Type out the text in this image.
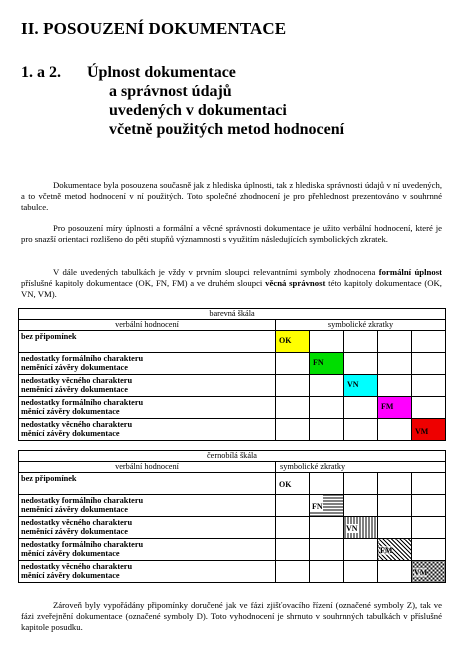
II. POSOUZENÍ DOKUMENTACE
1. a 2.	Úplnost dokumentace
a správnost údajů
uvedených v dokumentaci
včetně použitých metod hodnocení
Dokumentace byla posouzena současně jak z hlediska úplnosti, tak z hlediska správnosti údajů v ní uvedených, a to včetně metod hodnocení v ní použitých. Toto společné zhodnocení je pro přehlednost prezentováno v souhrnné tabulce.
Pro posouzení míry úplnosti a formální a věcné správnosti dokumentace je užito verbální hodnocení, které je pro snazší orientaci rozlišeno do pěti stupňů významnosti s využitím následujících symbolických zkratek.
V dále uvedených tabulkách je vždy v prvním sloupci relevantními symboly zhodnocena formální úplnost příslušné kapitoly dokumentace (OK, FN, FM) a ve druhém sloupci věcná správnost této kapitoly dokumentace (OK, VN, VM).
barevná škála					
verbální hodnocení	symbolické zkratky				
bez připomínek	OK				

nedostatky formálního charakteru
neměnící závěry dokumentace		FN			

nedostatky věcného charakteru
neměnící závěry dokumentace			VN		

nedostatky formálního charakteru
měnící závěry dokumentace				FM	

nedostatky věcného charakteru
měnící závěry dokumentace					VM
černobílá škála					
verbální hodnocení	symbolické zkratky				
bez připomínek	OK				

nedostatky formálního charakteru
neměnící závěry dokumentace		FN			
nedostatky věcného charakteru
neměnící závěry dokumentace			VN		
nedostatky formálního charakteru
měnící závěry dokumentace				FM	
nedostatky věcného charakteru
měnící závěry dokumentace					VM
Zároveň byly vypořádány připomínky doručené jak ve fázi zjišťovacího řízení (označené symboly Z), tak ve fázi zveřejnění dokumentace (označené symboly D). Toto vyhodnocení je shrnuto v souhrnných tabulkách v příslušné kapitole posudku.
